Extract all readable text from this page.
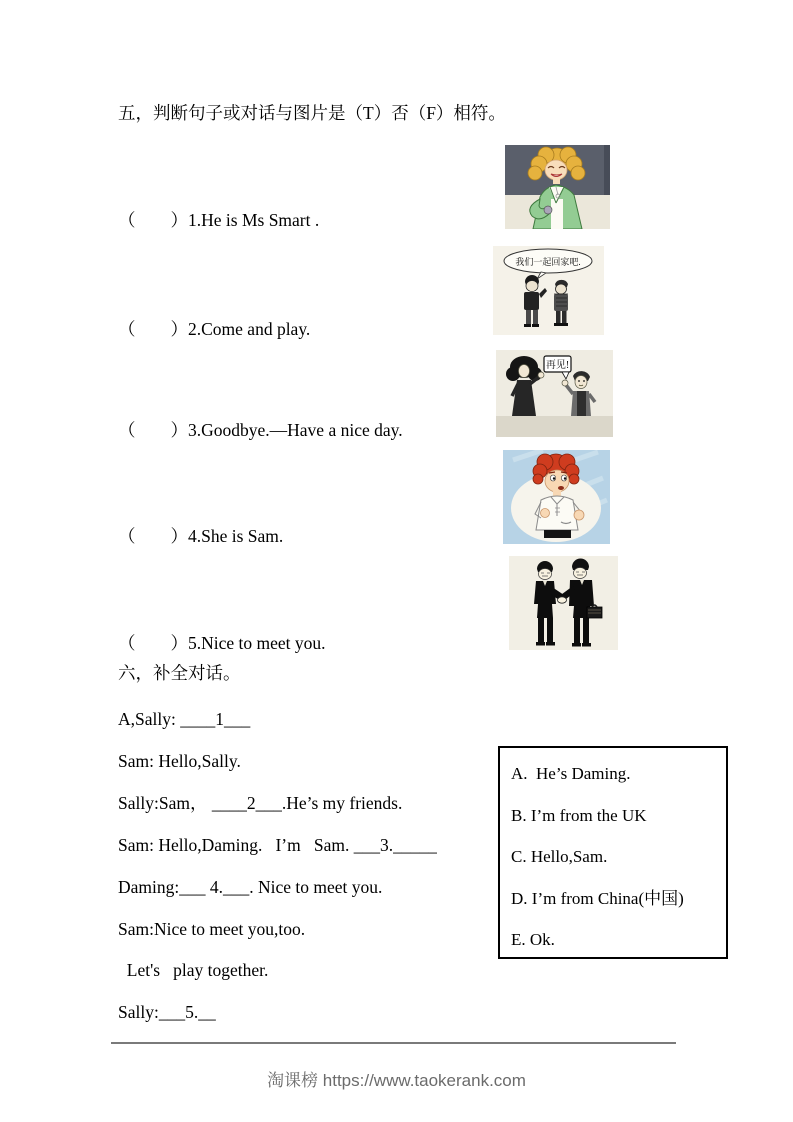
五，判断句子或对话与图片是（T）否（F）相符。
（　　）1.He is Ms Smart .
（　　）2.Come and play.
（　　）3.Goodbye.—Have a nice day.
（　　）4.She is Sam.
（　　）5.Nice to meet you.
我们一起回家吧.
再见!
六，补全对话。
A,Sally: ____1___
Sam: Hello,Sally.
Sally:Sam， ____2___.He’s my friends.
Sam: Hello,Daming.   I’m   Sam. ___3._____
Daming:___ 4.___. Nice to meet you.
Sam:Nice to meet you,too.
Let's   play together.
Sally:___5.__
A.  He’s Daming.
B. I’m from the UK
C. Hello,Sam.
D. I’m from China(中国)
E. Ok.
淘课榜 https://www.taokerank.com
